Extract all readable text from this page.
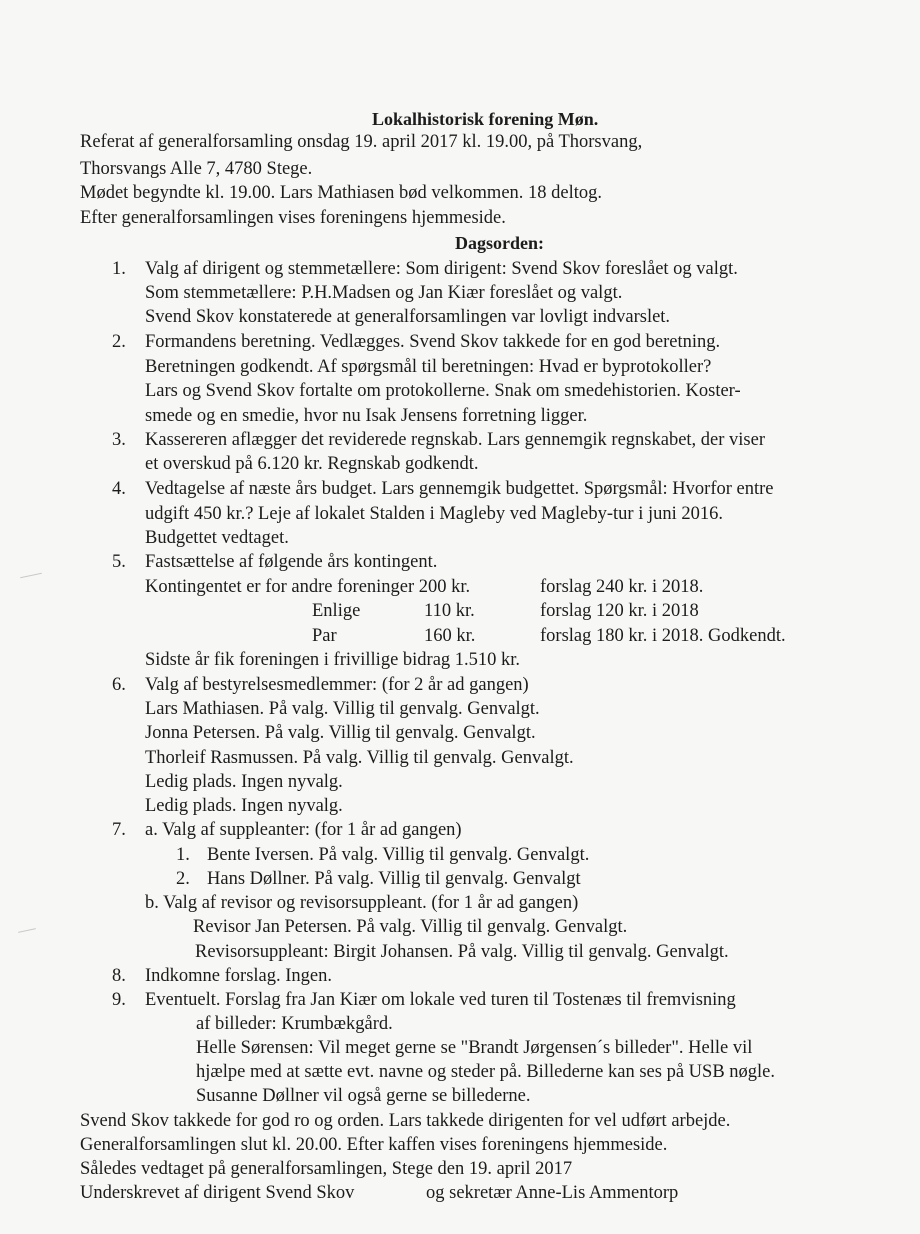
Lokalhistorisk forening Møn.
Referat af generalforsamling onsdag 19. april 2017 kl. 19.00, på Thorsvang,
Thorsvangs Alle 7, 4780 Stege.
Mødet begyndte kl. 19.00. Lars Mathiasen bød velkommen. 18 deltog.
Efter generalforsamlingen vises foreningens hjemmeside.
Dagsorden:
1. Valg af dirigent og stemmetællere: Som dirigent: Svend Skov foreslået og valgt.
Som stemmetællere: P.H.Madsen og Jan Kiær foreslået og valgt.
Svend Skov konstaterede at generalforsamlingen var lovligt indvarslet.
2. Formandens beretning. Vedlægges. Svend Skov takkede for en god beretning.
Beretningen godkendt. Af spørgsmål til beretningen: Hvad er byprotokoller?
Lars og Svend Skov fortalte om protokollerne. Snak om smedehistorien. Koster-
smede og en smedie, hvor nu Isak Jensens forretning ligger.
3. Kassereren aflægger det reviderede regnskab. Lars gennemgik regnskabet, der viser
et overskud på 6.120 kr. Regnskab godkendt.
4. Vedtagelse af næste års budget. Lars gennemgik budgettet. Spørgsmål: Hvorfor entre
udgift 450 kr.? Leje af lokalet Stalden i Magleby ved Magleby-tur i juni 2016.
Budgettet vedtaget.
5. Fastsættelse af følgende års kontingent.
Kontingentet er for andre foreninger 200 kr.	forslag 240 kr. i 2018.
Enlige	110 kr.	forslag 120 kr. i 2018
Par	160 kr.	forslag 180 kr. i 2018. Godkendt.
Sidste år fik foreningen i frivillige bidrag 1.510 kr.
6. Valg af bestyrelsesmedlemmer: (for 2 år ad gangen)
Lars Mathiasen. På valg. Villig til genvalg. Genvalgt.
Jonna Petersen. På valg. Villig til genvalg. Genvalgt.
Thorleif Rasmussen. På valg. Villig til genvalg. Genvalgt.
Ledig plads. Ingen nyvalg.
Ledig plads. Ingen nyvalg.
7. a. Valg af suppleanter: (for 1 år ad gangen)
1. Bente Iversen. På valg. Villig til genvalg. Genvalgt.
2. Hans Døllner. På valg. Villig til genvalg. Genvalgt
b. Valg af revisor og revisorsuppleant. (for 1 år ad gangen)
Revisor Jan Petersen. På valg. Villig til genvalg. Genvalgt.
Revisorsuppleant: Birgit Johansen. På valg. Villig til genvalg. Genvalgt.
8. Indkomne forslag. Ingen.
9. Eventuelt. Forslag fra Jan Kiær om lokale ved turen til Tostenæs til fremvisning
af billeder: Krumbækgård.
Helle Sørensen: Vil meget gerne se "Brandt Jørgensen´s billeder". Helle vil
hjælpe med at sætte evt. navne og steder på. Billederne kan ses på USB nøgle.
Susanne Døllner vil også gerne se billederne.
Svend Skov takkede for god ro og orden. Lars takkede dirigenten for vel udført arbejde.
Generalforsamlingen slut kl. 20.00. Efter kaffen vises foreningens hjemmeside.
Således vedtaget på generalforsamlingen, Stege den 19. april 2017
Underskrevet af dirigent Svend Skov	og sekretær Anne-Lis Ammentorp
